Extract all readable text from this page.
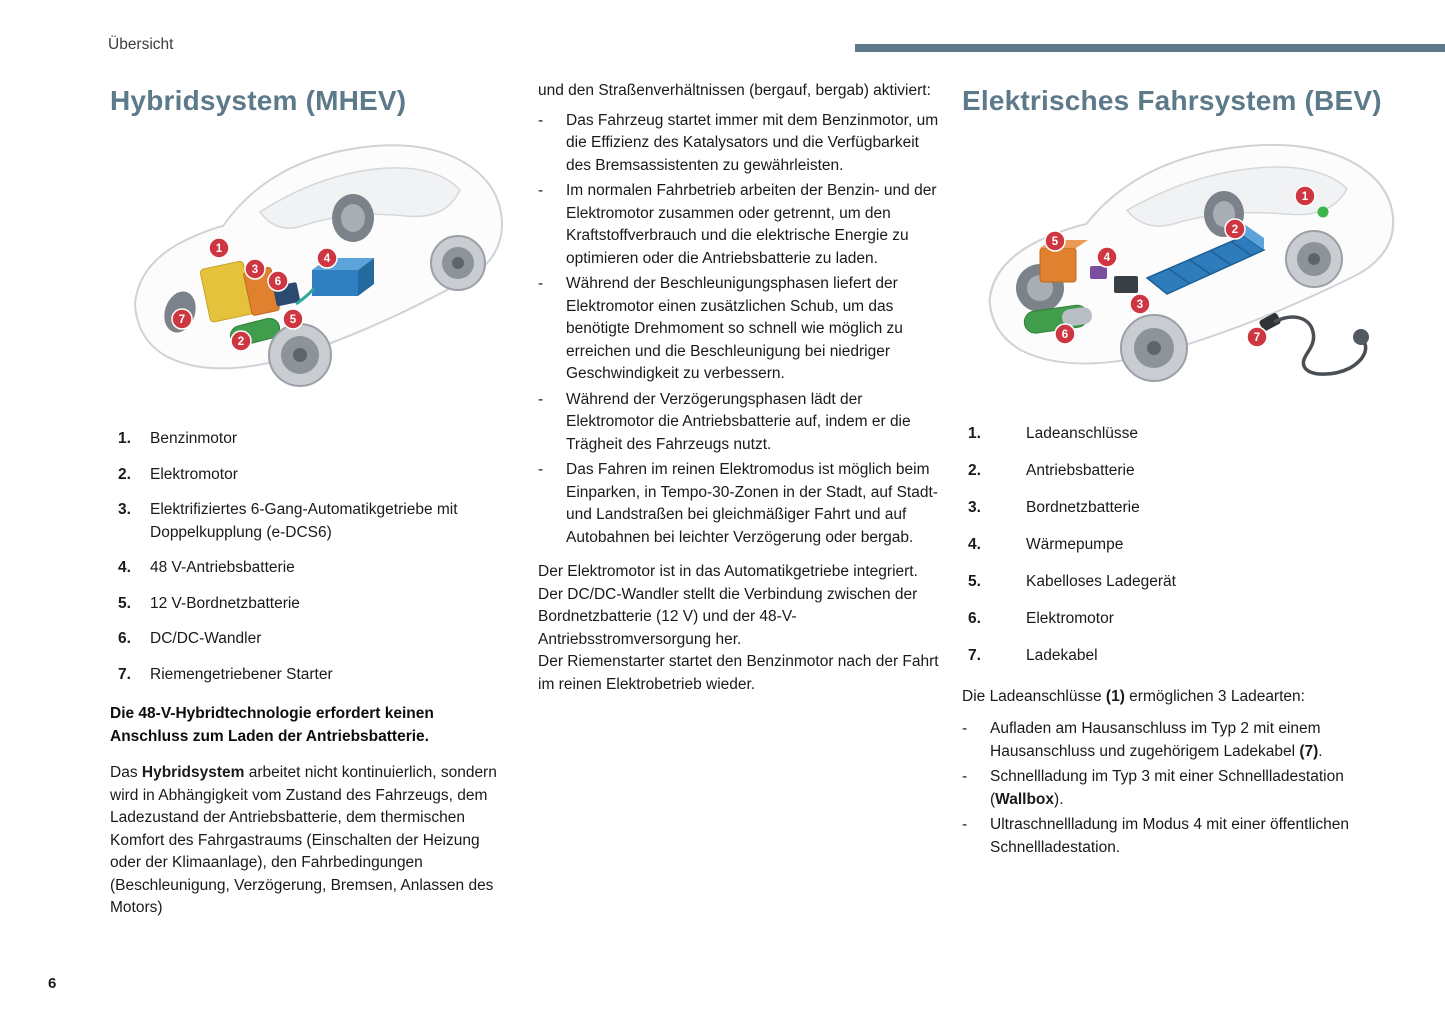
Übersicht
Hybridsystem (MHEV)
1
2
3
4
5
6
7
1.	Benzinmotor
2.	Elektromotor
3.	Elektrifiziertes 6-Gang-Automatikgetriebe mit Doppelkupplung (e-DCS6)
4.	48 V-Antriebsbatterie
5.	12 V-Bordnetzbatterie
6.	DC/DC-Wandler
7.	Riemengetriebener Starter

Die 48-V-Hybridtechnologie erfordert keinen Anschluss zum Laden der Antriebsbatterie.

Das Hybridsystem arbeitet nicht kontinuierlich, sondern wird in Abhängigkeit vom Zustand des Fahrzeugs, dem Ladezustand der Antriebsbatterie, dem thermischen Komfort des Fahrgastraums (Einschalten der Heizung oder der Klimaanlage), den Fahrbedingungen (Beschleunigung, Verzögerung, Bremsen, Anlassen des Motors)

und den Straßenverhältnissen (bergauf, bergab) aktiviert:

-	Das Fahrzeug startet immer mit dem Benzinmotor, um die Effizienz des Katalysators und die Verfügbarkeit des Bremsassistenten zu gewährleisten.
-	Im normalen Fahrbetrieb arbeiten der Benzin- und der Elektromotor zusammen oder getrennt, um den Kraftstoffverbrauch und die elektrische Energie zu optimieren oder die Antriebsbatterie zu laden.
-	Während der Beschleunigungsphasen liefert der Elektromotor einen zusätzlichen Schub, um das benötigte Drehmoment so schnell wie möglich zu erreichen und die Beschleunigung bei niedriger Geschwindigkeit zu verbessern.
-	Während der Verzögerungsphasen lädt der Elektromotor die Antriebsbatterie auf, indem er die Trägheit des Fahrzeugs nutzt.
-	Das Fahren im reinen Elektromodus ist möglich beim Einparken, in Tempo-30-Zonen in der Stadt, auf Stadt- und Landstraßen bei gleichmäßiger Fahrt und auf Autobahnen bei leichter Verzögerung oder bergab.

Der Elektromotor ist in das Automatikgetriebe integriert.

Der DC/DC-Wandler stellt die Verbindung zwischen der Bordnetzbatterie (12 V) und der 48-V-Antriebsstromversorgung her.

Der Riemenstarter startet den Benzinmotor nach der Fahrt im reinen Elektrobetrieb wieder.

Elektrisches Fahrsystem (BEV)
1
2
3
4
5
6	7
1.	Ladeanschlüsse
2.	Antriebsbatterie
3.	Bordnetzbatterie
4.	Wärmepumpe
5.	Kabelloses Ladegerät
6.	Elektromotor
7.	Ladekabel

Die Ladeanschlüsse (1) ermöglichen 3 Ladearten:

-	Aufladen am Hausanschluss im Typ 2 mit einem Hausanschluss und zugehörigem Ladekabel (7).
-	Schnellladung im Typ 3 mit einer Schnellladestation (Wallbox).
-	Ultraschnellladung im Modus 4 mit einer öffentlichen Schnellladestation.
6
